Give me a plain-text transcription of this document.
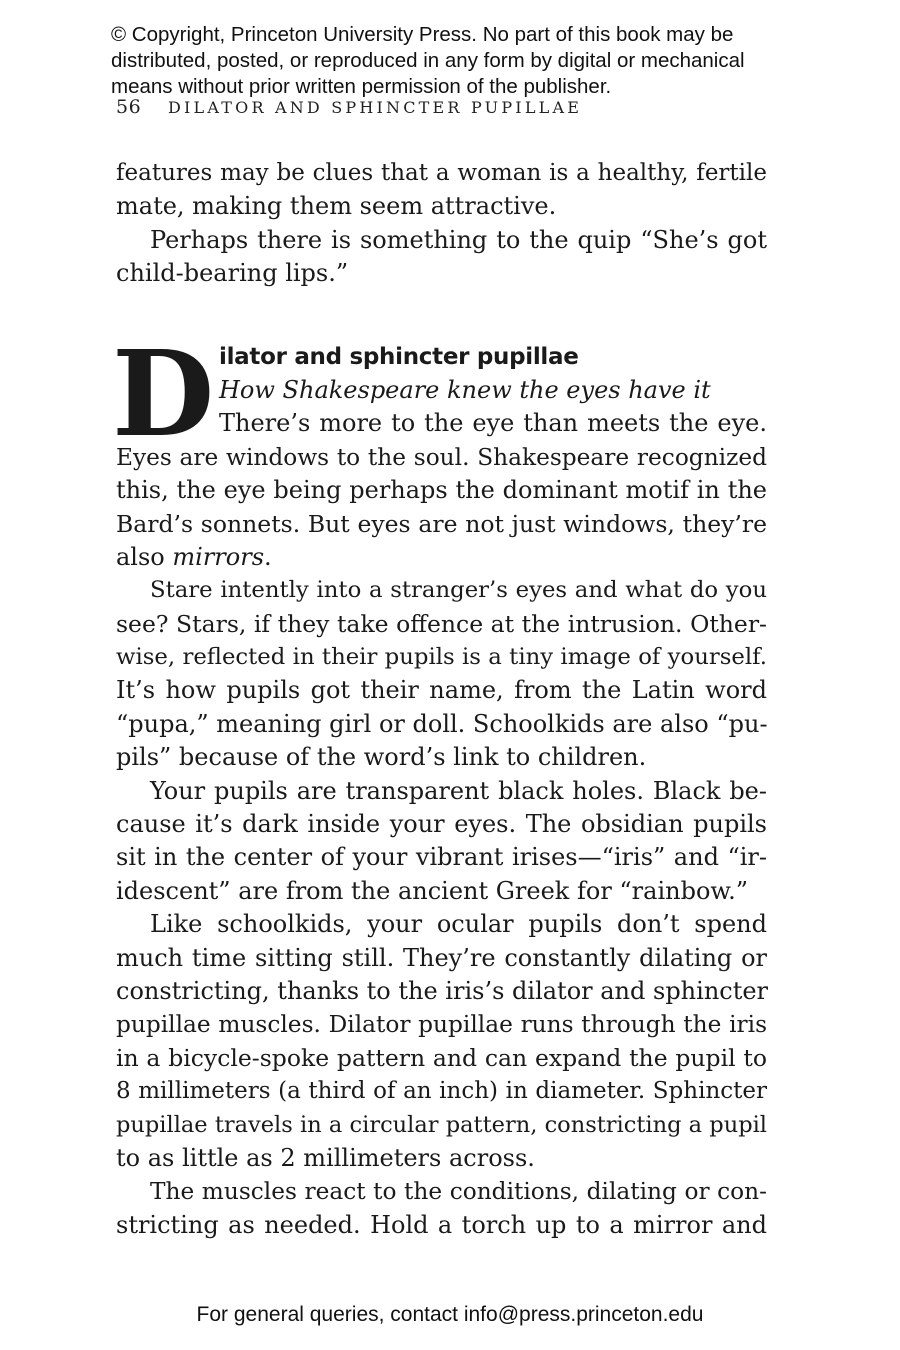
© Copyright, Princeton University Press. No part of this book may be
distributed, posted, or reproduced in any form by digital or mechanical
means without prior written permission of the publisher.
56 DILATOR AND SPHINCTER PUPILLAE
features may be clues that a woman is a healthy, fertile
mate, making them seem attractive.
Perhaps there is something to the quip “She’s got
child-bearing lips.”
D ilator and sphincter pupillae
How Shakespeare knew the eyes have it
There’s more to the eye than meets the eye.
Eyes are windows to the soul. Shakespeare recognized
this, the eye being perhaps the dominant motif in the
Bard’s sonnets. But eyes are not just windows, they’re
also mirrors.
Stare intently into a stranger’s eyes and what do you
see? Stars, if they take offence at the intrusion. Other-
wise, reflected in their pupils is a tiny image of yourself.
It’s how pupils got their name, from the Latin word
“pupa,” meaning girl or doll. Schoolkids are also “pu-
pils” because of the word’s link to children.
Your pupils are transparent black holes. Black be-
cause it’s dark inside your eyes. The obsidian pupils
sit in the center of your vibrant irises—“iris” and “ir-
idescent” are from the ancient Greek for “rainbow.”
Like schoolkids, your ocular pupils don’t spend
much time sitting still. They’re constantly dilating or
constricting, thanks to the iris’s dilator and sphincter
pupillae muscles. Dilator pupillae runs through the iris
in a bicycle-spoke pattern and can expand the pupil to
8 millimeters (a third of an inch) in diameter. Sphincter
pupillae travels in a circular pattern, constricting a pupil
to as little as 2 millimeters across.
The muscles react to the conditions, dilating or con-
stricting as needed. Hold a torch up to a mirror and
For general queries, contact info@press.princeton.edu
